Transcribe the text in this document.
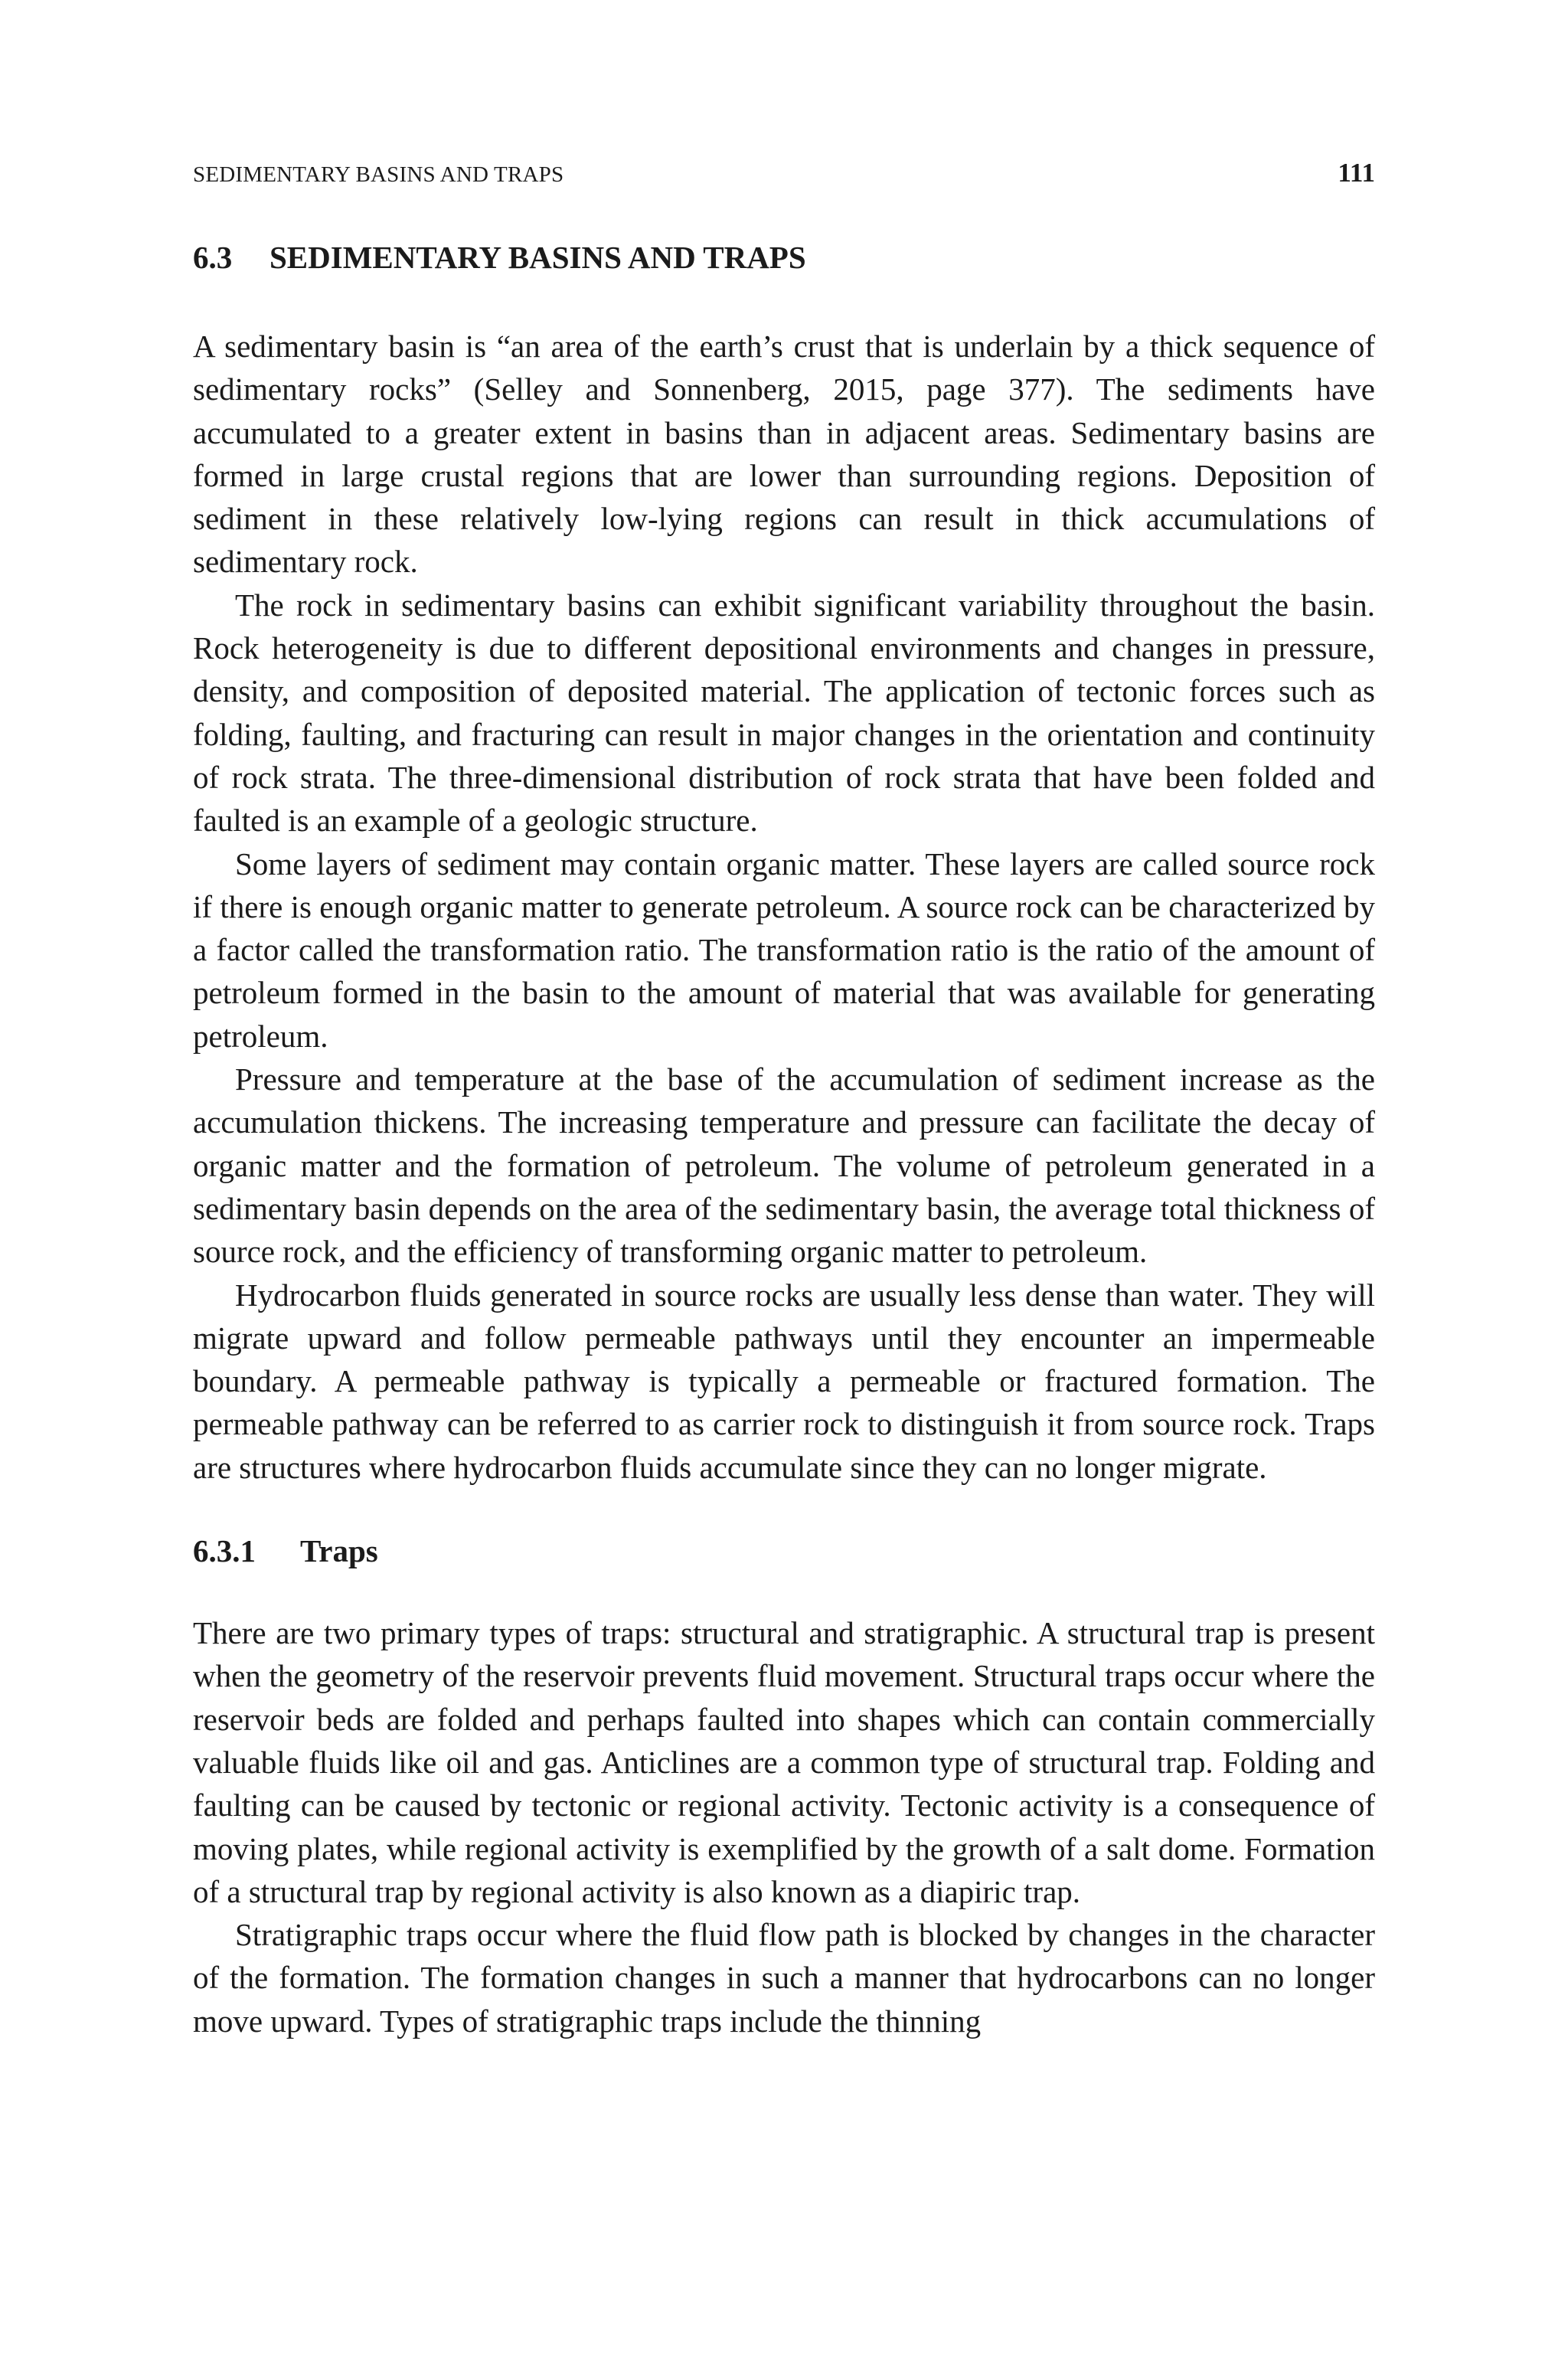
SEDIMENTARY BASINS AND TRAPS	111
6.3 SEDIMENTARY BASINS AND TRAPS

A sedimentary basin is “an area of the earth’s crust that is underlain by a thick sequence of sedimentary rocks” (Selley and Sonnenberg, 2015, page 377). The sediments have accumulated to a greater extent in basins than in adjacent areas. Sedimentary basins are formed in large crustal regions that are lower than surrounding regions. Deposition of sediment in these relatively low-lying regions can result in thick accumulations of sedimentary rock.

The rock in sedimentary basins can exhibit significant variability throughout the basin. Rock heterogeneity is due to different depositional environments and changes in pressure, density, and composition of deposited material. The application of tectonic forces such as folding, faulting, and fracturing can result in major changes in the orientation and continuity of rock strata. The three-dimensional distribution of rock strata that have been folded and faulted is an example of a geologic structure.

Some layers of sediment may contain organic matter. These layers are called source rock if there is enough organic matter to generate petroleum. A source rock can be characterized by a factor called the transformation ratio. The transformation ratio is the ratio of the amount of petroleum formed in the basin to the amount of material that was available for generating petroleum.

Pressure and temperature at the base of the accumulation of sediment increase as the accumulation thickens. The increasing temperature and pressure can facilitate the decay of organic matter and the formation of petroleum. The volume of petroleum generated in a sedimentary basin depends on the area of the sedimentary basin, the average total thickness of source rock, and the efficiency of transforming organic matter to petroleum.

Hydrocarbon fluids generated in source rocks are usually less dense than water. They will migrate upward and follow permeable pathways until they encounter an impermeable boundary. A permeable pathway is typically a permeable or fractured formation. The permeable pathway can be referred to as carrier rock to distinguish it from source rock. Traps are structures where hydrocarbon fluids accumulate since they can no longer migrate.

6.3.1 Traps

There are two primary types of traps: structural and stratigraphic. A structural trap is present when the geometry of the reservoir prevents fluid movement. Structural traps occur where the reservoir beds are folded and perhaps faulted into shapes which can contain commercially valuable fluids like oil and gas. Anticlines are a common type of structural trap. Folding and faulting can be caused by tectonic or regional activity. Tectonic activity is a consequence of moving plates, while regional activity is exemplified by the growth of a salt dome. Formation of a structural trap by regional activity is also known as a diapiric trap.

Stratigraphic traps occur where the fluid flow path is blocked by changes in the character of the formation. The formation changes in such a manner that hydrocarbons can no longer move upward. Types of stratigraphic traps include the thinning
